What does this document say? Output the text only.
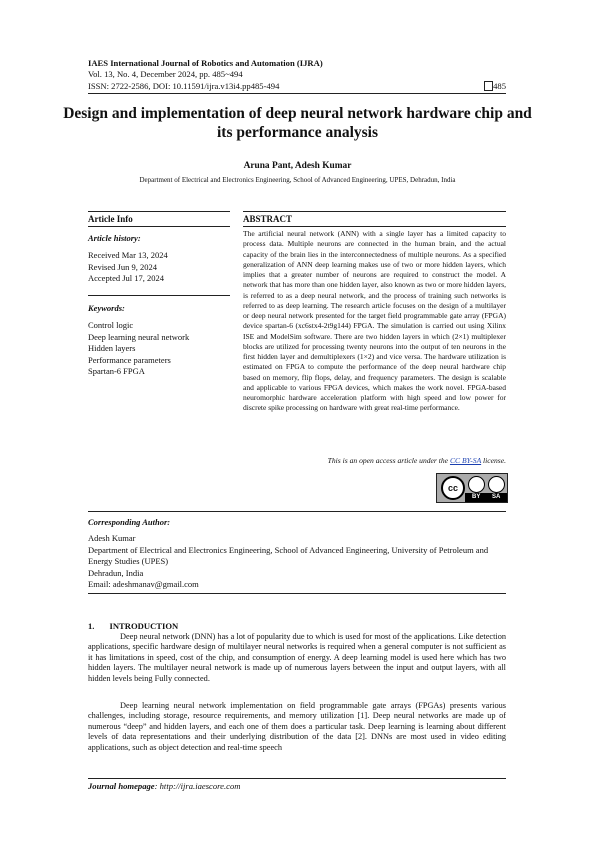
IAES International Journal of Robotics and Automation (IJRA)
Vol. 13, No. 4, December 2024, pp. 485~494
ISSN: 2722-2586, DOI: 10.11591/ijra.v13i4.pp485-494	485
Design and implementation of deep neural network hardware chip and its performance analysis
Aruna Pant, Adesh Kumar
Department of Electrical and Electronics Engineering, School of Advanced Engineering, UPES, Dehradun, India
Article Info	ABSTRACT
Article history:
Received Mar 13, 2024
Revised Jun 9, 2024
Accepted Jul 17, 2024
Keywords:
Control logic
Deep learning neural network
Hidden layers
Performance parameters
Spartan-6 FPGA
The artificial neural network (ANN) with a single layer has a limited capacity to process data. Multiple neurons are connected in the human brain, and the actual capacity of the brain lies in the interconnectedness of multiple neurons. As a specified generalization of ANN deep learning makes use of two or more hidden layers, which implies that a greater number of neurons are required to construct the model. A network that has more than one hidden layer, also known as two or more hidden layers, is referred to as a deep neural network, and the process of training such networks is referred to as deep learning. The research article focuses on the design of a multilayer or deep neural network presented for the target field programmable gate array (FPGA) device spartan-6 (xc6stx4-2t9g144) FPGA. The simulation is carried out using Xilinx ISE and ModelSim software. There are two hidden layers in which (2×1) multiplexer blocks are utilized for processing twenty neurons into the output of ten neurons in the first hidden layer and demultiplexers (1×2) and vice versa. The hardware utilization is estimated on FPGA to compute the performance of the deep neural hardware chip based on memory, flip flops, delay, and frequency parameters. The design is scalable and applicable to various FPGA devices, which makes the work novel. FPGA-based neuromorphic hardware acceleration platform with high speed and low power for discrete spike processing on hardware with great real-time performance.
This is an open access article under the CC BY-SA license.
cc
BY SA
Corresponding Author:
Adesh Kumar
Department of Electrical and Electronics Engineering, School of Advanced Engineering, University of Petroleum and Energy Studies (UPES)
Dehradun, India
Email: adeshmanav@gmail.com
1.       INTRODUCTION
Deep neural network (DNN) has a lot of popularity due to which is used for most of the applications. Like detection applications, specific hardware design of multilayer neural networks is required when a general computer is not sufficient as it has limitations in speed, cost of the chip, and consumption of energy. A deep learning model is used here which has two hidden layers. The multilayer neural network is made up of numerous layers between the input and output layers, with all hidden levels being Fully connected.
Deep learning neural network implementation on field programmable gate arrays (FPGAs) presents various challenges, including storage, resource requirements, and memory utilization [1]. Deep neural networks are made up of numerous “deep” and hidden layers, and each one of them does a particular task. Deep learning is learning about different levels of data representations and their underlying distribution of the data [2]. DNNs are most used in video editing applications, such as object detection and real-time speech
Journal homepage: http://ijra.iaescore.com
